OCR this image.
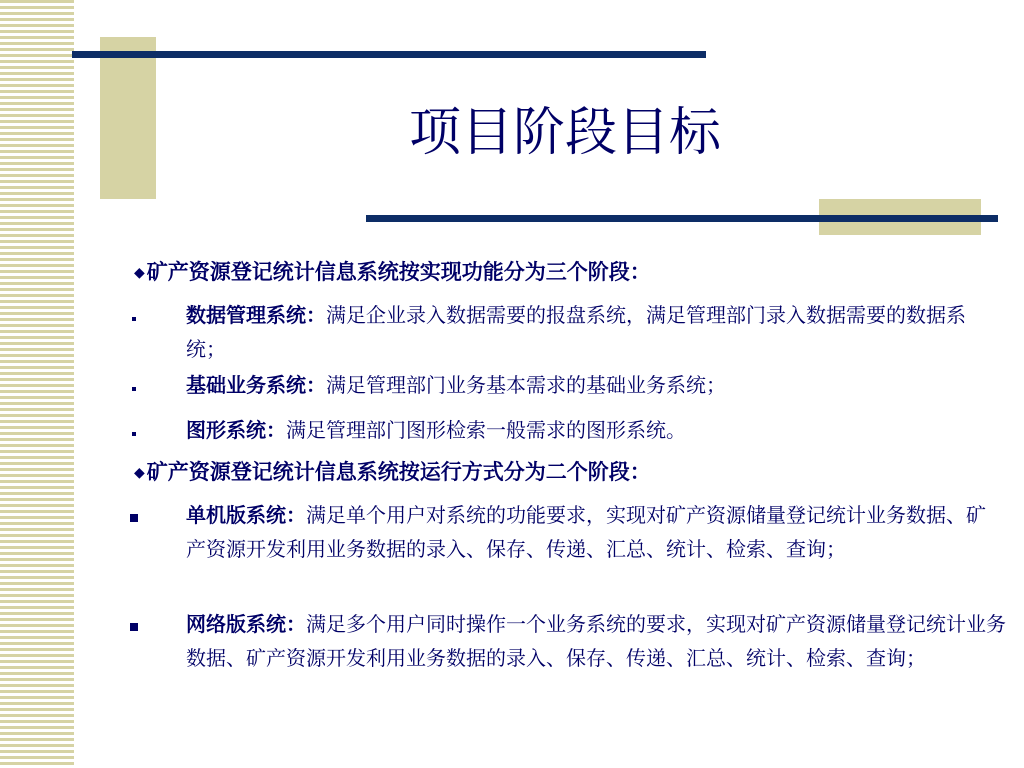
项目阶段目标
◆矿产资源登记统计信息系统按实现功能分为三个阶段：
数据管理系统：满足企业录入数据需要的报盘系统，满足管理部门录入数据需要的数据系统；
基础业务系统：满足管理部门业务基本需求的基础业务系统；
图形系统：满足管理部门图形检索一般需求的图形系统。
◆矿产资源登记统计信息系统按运行方式分为二个阶段：
单机版系统：满足单个用户对系统的功能要求，实现对矿产资源储量登记统计业务数据、矿产资源开发利用业务数据的录入、保存、传递、汇总、统计、检索、查询；
网络版系统：满足多个用户同时操作一个业务系统的要求，实现对矿产资源储量登记统计业务数据、矿产资源开发利用业务数据的录入、保存、传递、汇总、统计、检索、查询；
